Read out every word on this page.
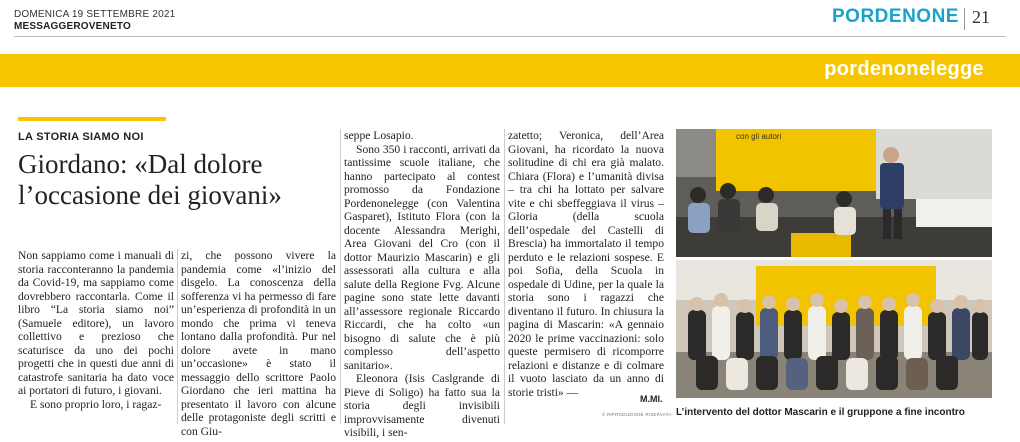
DOMENICA 19 SETTEMBRE 2021
MESSAGGEROVENETO	PORDENONE 21
pordenonelegge
LA STORIA SIAMO NOI
Giordano: «Dal dolore l’occasione dei giovani»

Non sappiamo come i manuali di storia racconteranno la pandemia da Covid-19, ma sappiamo come dovrebbero raccontarla. Come il libro “La storia siamo noi” (Samuele editore), un lavoro collettivo e prezioso che scaturisce da uno dei pochi progetti che in questi due anni di catastrofe sanitaria ha dato voce ai portatori di futuro, i giovani.

E sono proprio loro, i ragaz-

zi, che possono vivere la pandemia come «l’inizio del disgelo. La conoscenza della sofferenza vi ha permesso di fare un’esperienza di profondità in un mondo che prima vi teneva lontano dalla profondità. Pur nel dolore avete in mano un’occasione» è stato il messaggio dello scrittore Paolo Giordano che ieri mattina ha presentato il lavoro con alcune delle protagoniste degli scritti e con Giu-

seppe Losapio.

Sono 350 i racconti, arrivati da tantissime scuole italiane, che hanno partecipato al contest promosso da Fondazione Pordenonelegge (con Valentina Gasparet), Istituto Flora (con la docente Alessandra Merighi, Area Giovani del Cro (con il dottor Maurizio Mascarin) e gli assessorati alla cultura e alla salute della Regione Fvg. Alcune pagine sono state lette davanti all’assessore regionale Riccardo Riccardi, che ha colto «un bisogno di salute che è più complesso dell’aspetto sanitario».

Eleonora (Isis Caslgrande di Pieve di Soligo) ha fatto sua la storia degli invisibili improvvisamente divenuti visibili, i sen-

zatetto; Veronica, dell’Area Giovani, ha ricordato la nuova solitudine di chi era già malato. Chiara (Flora) e l’umanità divisa – tra chi ha lottato per salvare vite e chi sbeffeggiava il virus – Gloria (della scuola dell’ospedale del Castelli di Brescia) ha immortalato il tempo perduto e le relazioni sospese. E poi Sofia, della Scuola in ospedale di Udine, per la quale la storia sono i ragazzi che diventano il futuro. In chiusura la pagina di Mascarin: «A gennaio 2020 le prime vaccinazioni: solo queste permisero di ricomporre relazioni e distanze e di colmare il vuoto lasciato da un anno di storie tristi» —

M.MI.
© RIPRODUZIONE RISERVATA
con gli autori
L’intervento del dottor Mascarin e il gruppone a fine incontro
